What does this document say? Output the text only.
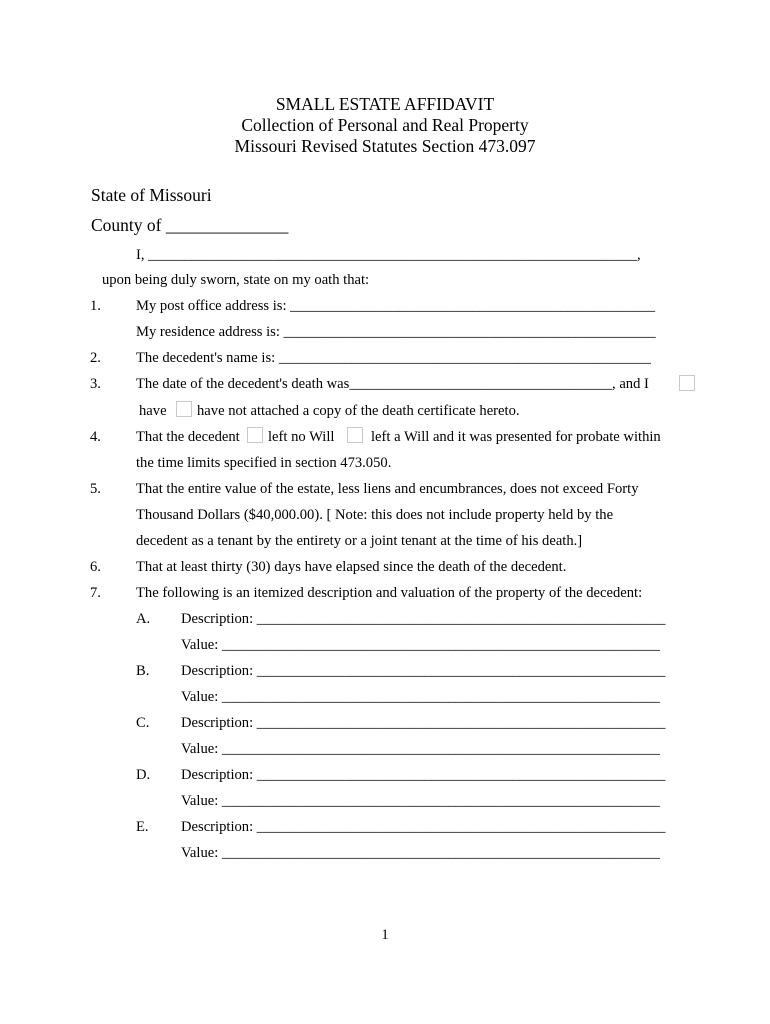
SMALL ESTATE AFFIDAVIT
Collection of Personal and Real Property
Missouri Revised Statutes Section 473.097
State of Missouri
County of ______________
I, ___________________________________________________________________,
upon being duly sworn, state on my oath that:
1. My post office address is: __________________________________________________
My residence address is: ___________________________________________________
2. The decedent's name is: ___________________________________________________
3. The date of the decedent's death was____________________________________, and I
have have not attached a copy of the death certificate hereto.
4. That the decedent left no Will	left a Will and it was presented for probate within
the time limits specified in section 473.050.
5. That the entire value of the estate, less liens and encumbrances, does not exceed Forty
Thousand Dollars ($40,000.00). [ Note: this does not include property held by the
decedent as a tenant by the entirety or a joint tenant at the time of his death.]
6. That at least thirty (30) days have elapsed since the death of the decedent.
7. The following is an itemized description and valuation of the property of the decedent:
A. Description: ________________________________________________________
Value: ____________________________________________________________
B. Description: ________________________________________________________
Value: ____________________________________________________________
C. Description: ________________________________________________________
Value: ____________________________________________________________
D. Description: ________________________________________________________
Value: ____________________________________________________________
E. Description: ________________________________________________________
Value: ____________________________________________________________
1
